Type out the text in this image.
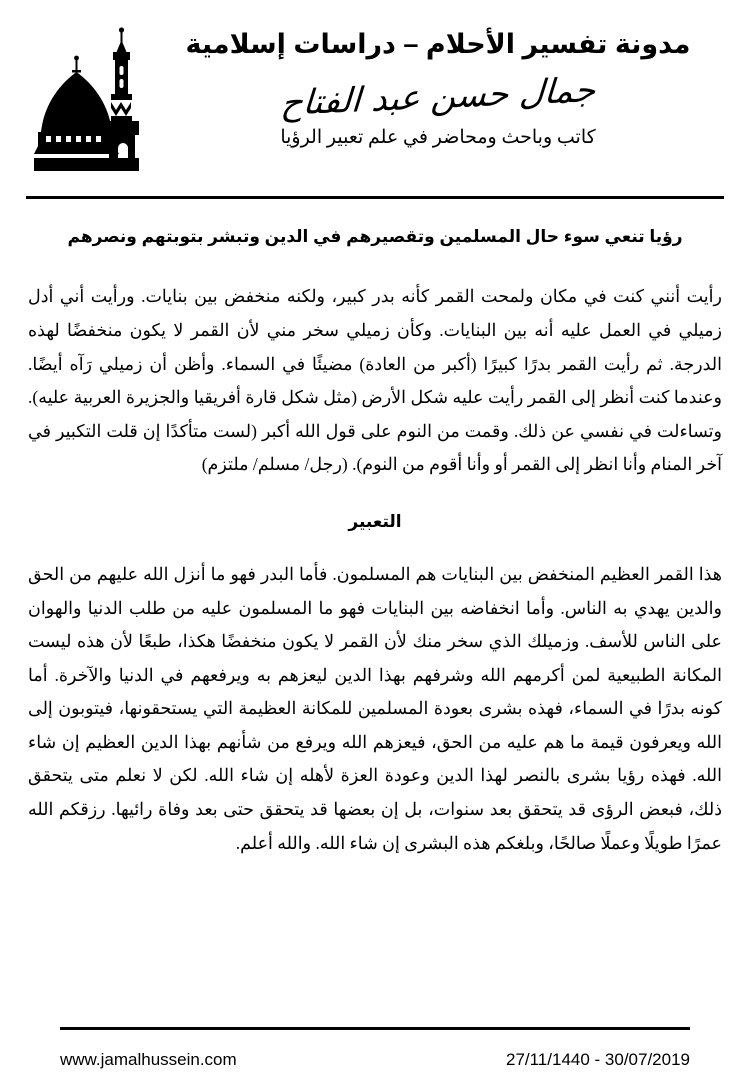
مدونة تفسير الأحلام – دراسات إسلامية
جمال حسن عبد الفتاح
كاتب وباحث ومحاضر في علم تعبير الرؤيا
رؤيا تنعي سوء حال المسلمين وتقصيرهم في الدين وتبشر بتوبتهم ونصرهم
رأيت أنني كنت في مكان ولمحت القمر كأنه بدر كبير، ولكنه منخفض بين بنايات. ورأيت أني أدل زميلي في العمل عليه أنه بين البنايات. وكأن زميلي سخر مني لأن القمر لا يكون منخفضًا لهذه الدرجة. ثم رأيت القمر بدرًا كبيرًا (أكبر من العادة) مضيئًا في السماء. وأظن أن زميلي رَآه أيضًا. وعندما كنت أنظر إلى القمر رأيت عليه شكل الأرض (مثل شكل قارة أفريقيا والجزيرة العربية عليه). وتساءلت في نفسي عن ذلك. وقمت من النوم على قول الله أكبر (لست متأكدًا إن قلت التكبير في آخر المنام وأنا انظر إلى القمر أو وأنا أقوم من النوم). (رجل/ مسلم/ ملتزم)
التعبير
هذا القمر العظيم المنخفض بين البنايات هم المسلمون. فأما البدر فهو ما أنزل الله عليهم من الحق والدين يهدي به الناس. وأما انخفاضه بين البنايات فهو ما المسلمون عليه من طلب الدنيا والهوان على الناس للأسف. وزميلك الذي سخر منك لأن القمر لا يكون منخفضًا هكذا، طبعًا لأن هذه ليست المكانة الطبيعية لمن أكرمهم الله وشرفهم بهذا الدين ليعزهم به ويرفعهم في الدنيا والآخرة. أما كونه بدرًا في السماء، فهذه بشرى بعودة المسلمين للمكانة العظيمة التي يستحقونها، فيتوبون إلى الله ويعرفون قيمة ما هم عليه من الحق، فيعزهم الله ويرفع من شأنهم بهذا الدين العظيم إن شاء الله. فهذه رؤيا بشرى بالنصر لهذا الدين وعودة العزة لأهله إن شاء الله. لكن لا نعلم متى يتحقق ذلك، فبعض الرؤى قد يتحقق بعد سنوات، بل إن بعضها قد يتحقق حتى بعد وفاة رائيها. رزقكم الله عمرًا طويلًا وعملًا صالحًا، وبلغكم هذه البشرى إن شاء الله. والله أعلم.
www.jamalhussein.com	27/11/1440 - 30/07/2019
